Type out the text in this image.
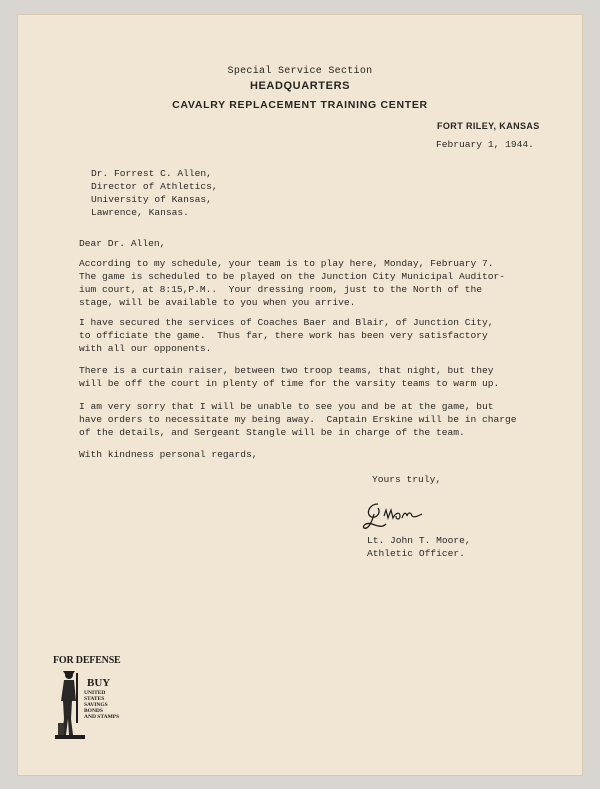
Special Service Section
HEADQUARTERS
CAVALRY REPLACEMENT TRAINING CENTER
FORT RILEY, KANSAS
February 1, 1944.
Dr. Forrest C. Allen,
Director of Athletics,
University of Kansas,
Lawrence, Kansas.
Dear Dr. Allen,
According to my schedule, your team is to play here, Monday, February 7.
The game is scheduled to be played on the Junction City Municipal Auditor-
ium court, at 8:15,P.M..  Your dressing room, just to the North of the
stage, will be available to you when you arrive.
I have secured the services of Coaches Baer and Blair, of Junction City,
to officiate the game.  Thus far, there work has been very satisfactory
with all our opponents.
There is a curtain raiser, between two troop teams, that night, but they
will be off the court in plenty of time for the varsity teams to warm up.
I am very sorry that I will be unable to see you and be at the game, but
have orders to necessitate my being away.  Captain Erskine will be in charge
of the details, and Sergeant Stangle will be in charge of the team.
With kindness personal regards,
Yours truly,
Lt. John T. Moore,
Athletic Officer.
FOR DEFENSE
BUY
UNITED
STATES
SAVINGS
BONDS
AND STAMPS
